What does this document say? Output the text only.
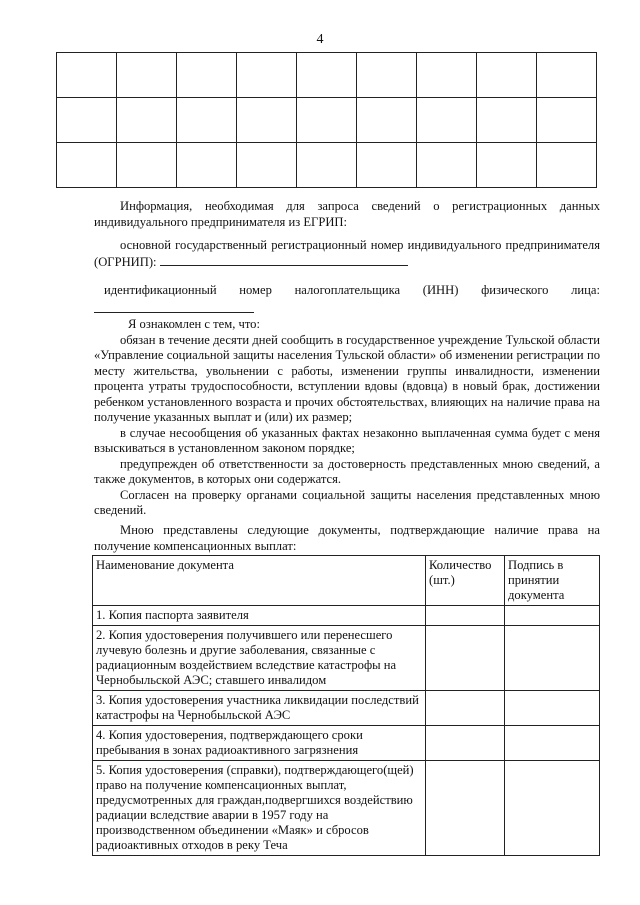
4

Информация, необходимая для запроса сведений о регистрационных данных индивидуального предпринимателя из ЕГРИП:
основной государственный регистрационный номер индивидуального предпринимателя (ОГРНИП):
идентификационный номер налогоплательщика (ИНН) физического лица:

Я ознакомлен с тем, что:

обязан в течение десяти дней сообщить в государственное учреждение Тульской области «Управление социальной защиты населения Тульской области» об изменении регистрации по месту жительства, увольнении с работы, изменении группы инвалидности, изменении процента утраты трудоспособности, вступлении вдовы (вдовца) в новый брак, достижении ребенком установленного возраста и прочих обстоятельствах, влияющих на наличие права на получение указанных выплат и (или) их размер;

в случае несообщения об указанных фактах незаконно выплаченная сумма будет с меня взыскиваться в установленном законом порядке;

предупрежден об ответственности за достоверность представленных мною сведений, а также документов, в которых они содержатся.

Согласен на проверку органами социальной защиты населения представленных мною сведений.

Мною представлены следующие документы, подтверждающие наличие права на получение компенсационных выплат:
Наименование документа	Количество (шт.)	Подпись в принятии документа
1. Копия паспорта заявителя		
2. Копия удостоверения получившего или перенесшего лучевую болезнь и другие заболевания, связанные с радиационным воздействием вследствие катастрофы на Чернобыльской АЭС; ставшего инвалидом		
3. Копия удостоверения участника ликвидации последствий катастрофы на Чернобыльской АЭС		
4. Копия удостоверения, подтверждающего сроки пребывания в зонах радиоактивного загрязнения		
5. Копия удостоверения (справки), подтверждающего(щей) право на получение компенсационных выплат, предусмотренных для граждан,подвергшихся воздействию радиации вследствие аварии в 1957 году на производственном объединении «Маяк» и сбросов радиоактивных отходов в реку Теча		
